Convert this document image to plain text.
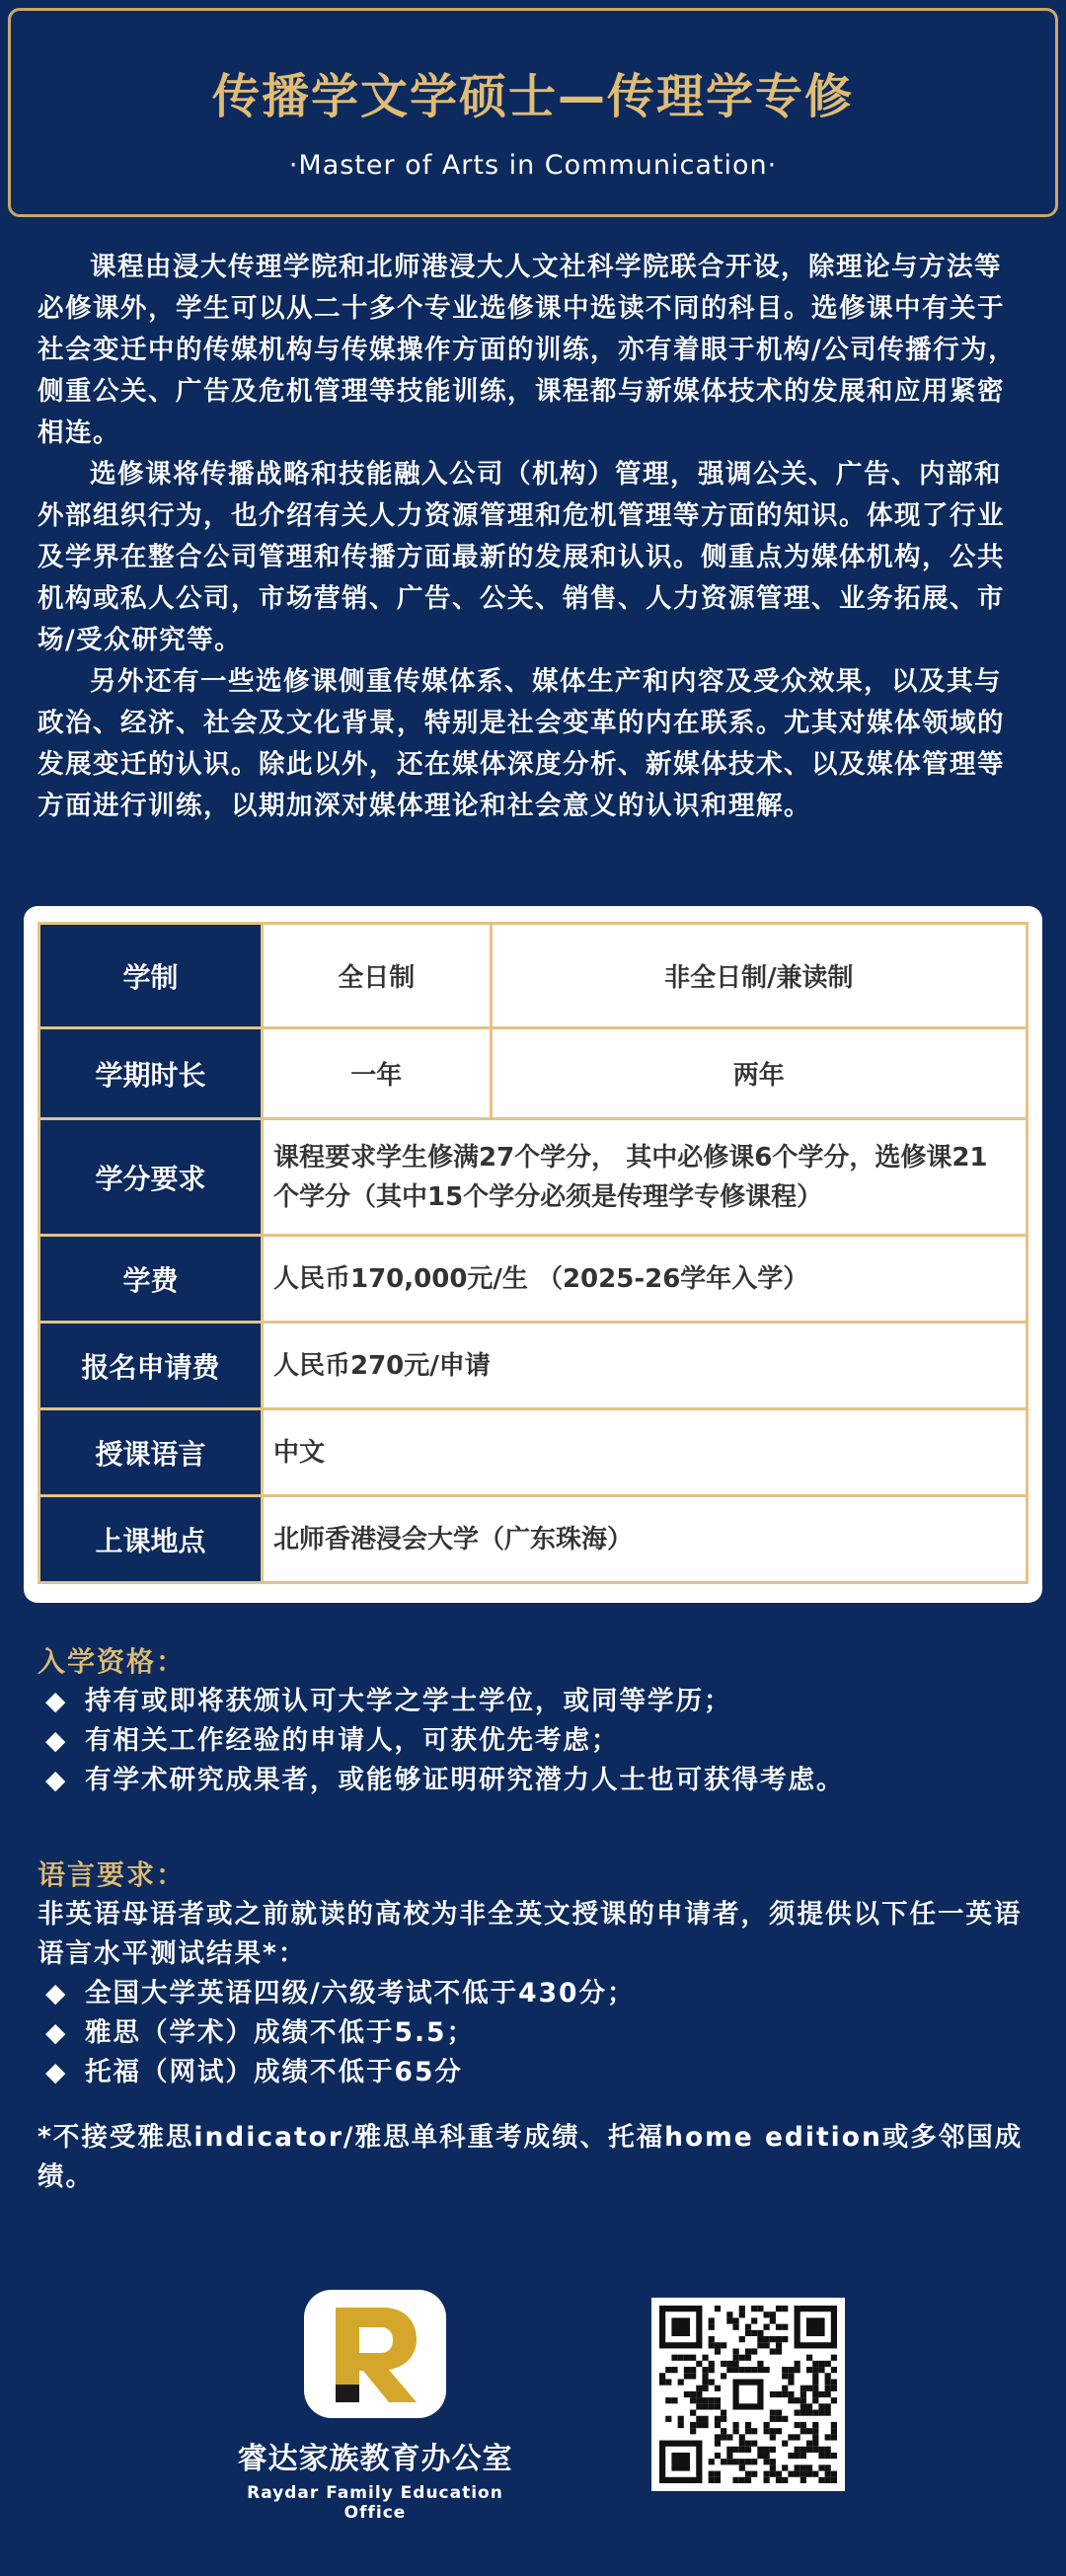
传播学文学硕士—传理学专修
·Master of Arts in Communication·

课程由浸大传理学院和北师港浸大人文社科学院联合开设，除理论与方法等必修课外，学生可以从二十多个专业选修课中选读不同的科目。选修课中有关于社会变迁中的传媒机构与传媒操作方面的训练，亦有着眼于机构/公司传播行为，侧重公关、广告及危机管理等技能训练，课程都与新媒体技术的发展和应用紧密相连。

选修课将传播战略和技能融入公司（机构）管理，强调公关、广告、内部和外部组织行为，也介绍有关人力资源管理和危机管理等方面的知识。体现了行业及学界在整合公司管理和传播方面最新的发展和认识。侧重点为媒体机构，公共机构或私人公司，市场营销、广告、公关、销售、人力资源管理、业务拓展、市场/受众研究等。

另外还有一些选修课侧重传媒体系、媒体生产和内容及受众效果，以及其与政治、经济、社会及文化背景，特别是社会变革的内在联系。尤其对媒体领域的发展变迁的认识。除此以外，还在媒体深度分析、新媒体技术、以及媒体管理等方面进行训练，以期加深对媒体理论和社会意义的认识和理解。

学制	全日制	非全日制/兼读制
学期时长	一年	两年
学分要求	课程要求学生修满27个学分， 其中必修课6个学分，选修课21个学分（其中15个学分必须是传理学专修课程）	
学费	人民币170,000元/生 （2025-26学年入学）	
报名申请费	人民币270元/申请	
授课语言	中文	
上课地点	北师香港浸会大学（广东珠海）	
入学资格：
◆ 持有或即将获颁认可大学之学士学位，或同等学历；
◆ 有相关工作经验的申请人，可获优先考虑；
◆ 有学术研究成果者，或能够证明研究潜力人士也可获得考虑。
语言要求：
非英语母语者或之前就读的高校为非全英文授课的申请者，须提供以下任一英语语言水平测试结果*：
◆ 全国大学英语四级/六级考试不低于430分；
◆ 雅思（学术）成绩不低于5.5；
◆ 托福（网试）成绩不低于65分
*不接受雅思indicator/雅思单科重考成绩、托福home edition或多邻国成绩。
睿达家族教育办公室
Raydar Family Education Office
